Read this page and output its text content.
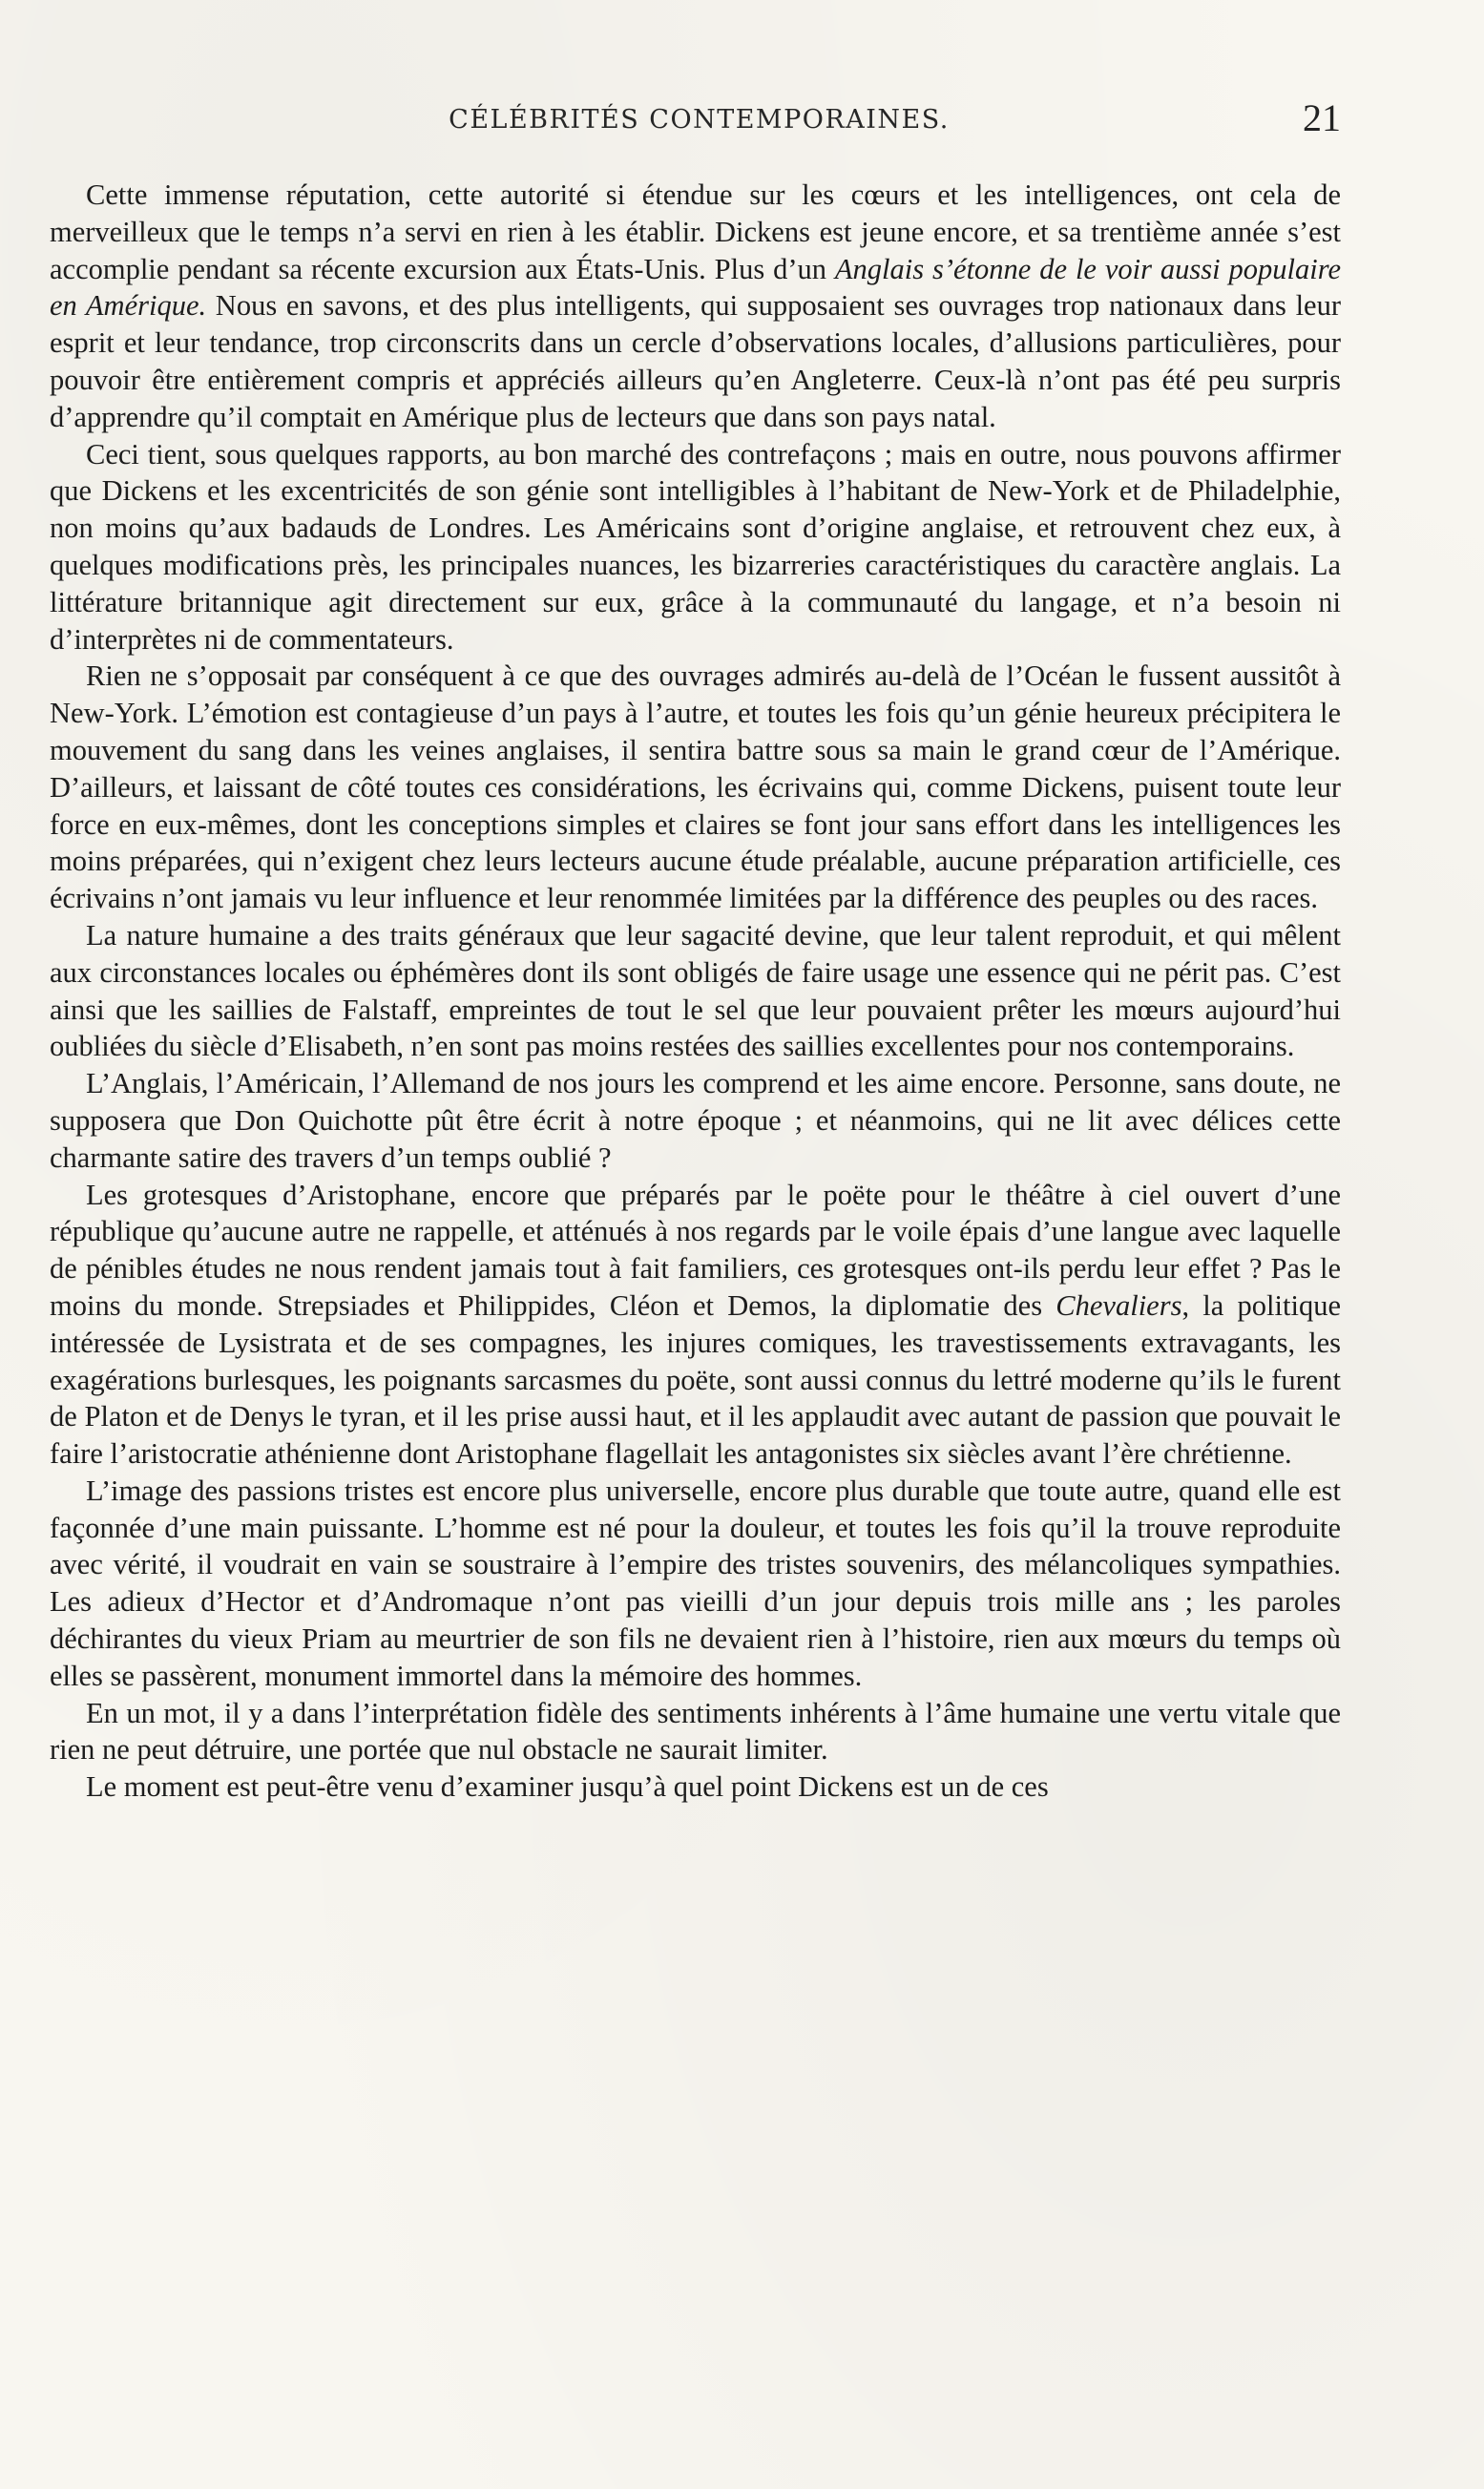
CÉLÉBRITÉS CONTEMPORAINES.	21

Cette immense réputation, cette autorité si étendue sur les cœurs et les intelligences, ont cela de merveilleux que le temps n’a servi en rien à les établir. Dickens est jeune encore, et sa trentième année s’est accomplie pendant sa récente excursion aux États-Unis. Plus d’un Anglais s’étonne de le voir aussi populaire en Amérique. Nous en savons, et des plus intelligents, qui supposaient ses ouvrages trop nationaux dans leur esprit et leur tendance, trop circonscrits dans un cercle d’observations locales, d’allusions particulières, pour pouvoir être entièrement compris et appréciés ailleurs qu’en Angleterre. Ceux-là n’ont pas été peu surpris d’apprendre qu’il comptait en Amérique plus de lecteurs que dans son pays natal.

Ceci tient, sous quelques rapports, au bon marché des contrefaçons ; mais en outre, nous pouvons affirmer que Dickens et les excentricités de son génie sont intelligibles à l’habitant de New-York et de Philadelphie, non moins qu’aux badauds de Londres. Les Américains sont d’origine anglaise, et retrouvent chez eux, à quelques modifications près, les principales nuances, les bizarreries caractéristiques du caractère anglais. La littérature britannique agit directement sur eux, grâce à la communauté du langage, et n’a besoin ni d’interprètes ni de commentateurs.

Rien ne s’opposait par conséquent à ce que des ouvrages admirés au-delà de l’Océan le fussent aussitôt à New-York. L’émotion est contagieuse d’un pays à l’autre, et toutes les fois qu’un génie heureux précipitera le mouvement du sang dans les veines anglaises, il sentira battre sous sa main le grand cœur de l’Amérique. D’ailleurs, et laissant de côté toutes ces considérations, les écrivains qui, comme Dickens, puisent toute leur force en eux-mêmes, dont les conceptions simples et claires se font jour sans effort dans les intelligences les moins préparées, qui n’exigent chez leurs lecteurs aucune étude préalable, aucune préparation artificielle, ces écrivains n’ont jamais vu leur influence et leur renommée limitées par la différence des peuples ou des races.

La nature humaine a des traits généraux que leur sagacité devine, que leur talent reproduit, et qui mêlent aux circonstances locales ou éphémères dont ils sont obligés de faire usage une essence qui ne périt pas. C’est ainsi que les saillies de Falstaff, empreintes de tout le sel que leur pouvaient prêter les mœurs aujourd’hui oubliées du siècle d’Elisabeth, n’en sont pas moins restées des saillies excellentes pour nos contemporains.

L’Anglais, l’Américain, l’Allemand de nos jours les comprend et les aime encore. Personne, sans doute, ne supposera que Don Quichotte pût être écrit à notre époque ; et néanmoins, qui ne lit avec délices cette charmante satire des travers d’un temps oublié ?

Les grotesques d’Aristophane, encore que préparés par le poëte pour le théâtre à ciel ouvert d’une république qu’aucune autre ne rappelle, et atténués à nos regards par le voile épais d’une langue avec laquelle de pénibles études ne nous rendent jamais tout à fait familiers, ces grotesques ont-ils perdu leur effet ? Pas le moins du monde. Strepsiades et Philippides, Cléon et Demos, la diplomatie des Chevaliers, la politique intéressée de Lysistrata et de ses compagnes, les injures comiques, les travestissements extravagants, les exagérations burlesques, les poignants sarcasmes du poëte, sont aussi connus du lettré moderne qu’ils le furent de Platon et de Denys le tyran, et il les prise aussi haut, et il les applaudit avec autant de passion que pouvait le faire l’aristocratie athénienne dont Aristophane flagellait les antagonistes six siècles avant l’ère chrétienne.

L’image des passions tristes est encore plus universelle, encore plus durable que toute autre, quand elle est façonnée d’une main puissante. L’homme est né pour la douleur, et toutes les fois qu’il la trouve reproduite avec vérité, il voudrait en vain se soustraire à l’empire des tristes souvenirs, des mélancoliques sympathies. Les adieux d’Hector et d’Andromaque n’ont pas vieilli d’un jour depuis trois mille ans ; les paroles déchirantes du vieux Priam au meurtrier de son fils ne devaient rien à l’histoire, rien aux mœurs du temps où elles se passèrent, monument immortel dans la mémoire des hommes.

En un mot, il y a dans l’interprétation fidèle des sentiments inhérents à l’âme humaine une vertu vitale que rien ne peut détruire, une portée que nul obstacle ne saurait limiter.

Le moment est peut-être venu d’examiner jusqu’à quel point Dickens est un de ces
